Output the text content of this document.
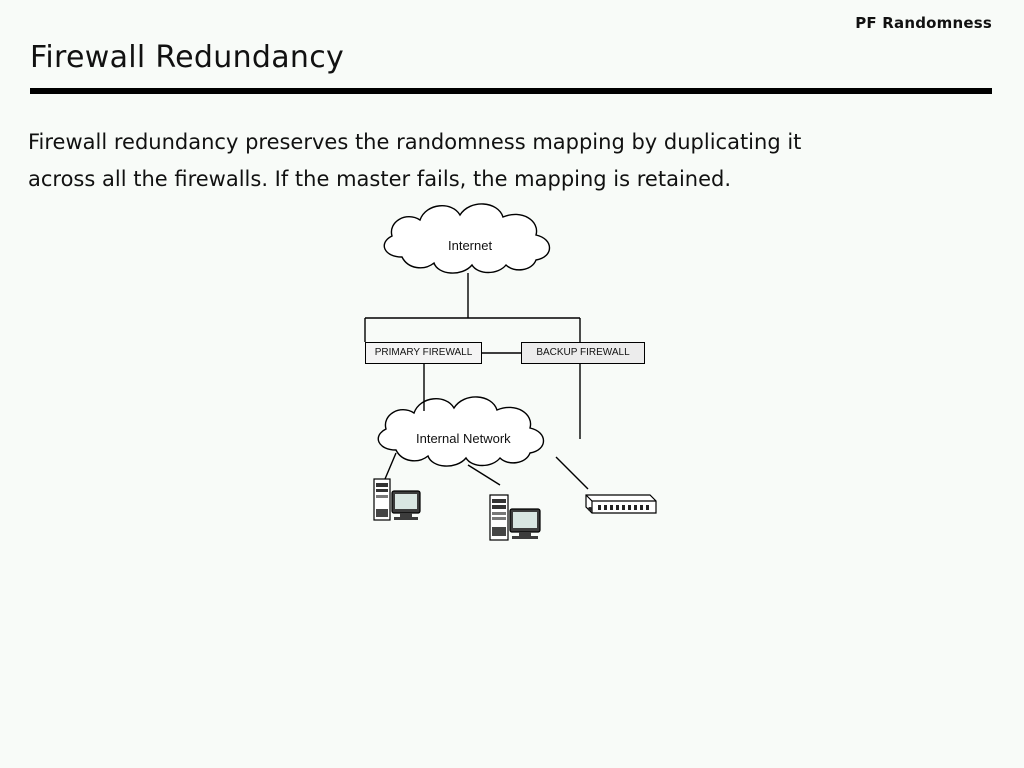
PF Randomness
Firewall Redundancy
Firewall redundancy preserves the randomness mapping by duplicating it
across all the firewalls. If the master fails, the mapping is retained.
Internet
Internal Network
PRIMARY FIREWALL	BACKUP FIREWALL
